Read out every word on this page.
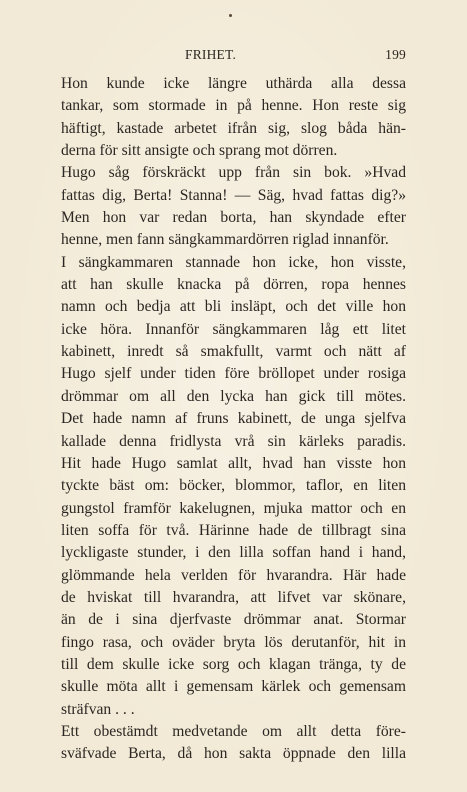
FRIHET.	199
Hon kunde icke längre uthärda alla dessa
tankar, som stormade in på henne. Hon reste sig
häftigt, kastade arbetet ifrån sig, slog båda hän-
derna för sitt ansigte och sprang mot dörren.
Hugo såg förskräckt upp från sin bok. »Hvad
fattas dig, Berta! Stanna! — Säg, hvad fattas dig?»
Men hon var redan borta, han skyndade efter
henne, men fann sängkammardörren riglad innanför.
I sängkammaren stannade hon icke, hon visste,
att han skulle knacka på dörren, ropa hennes
namn och bedja att bli insläpt, och det ville hon
icke höra. Innanför sängkammaren låg ett litet
kabinett, inredt så smakfullt, varmt och nätt af
Hugo sjelf under tiden före bröllopet under rosiga
drömmar om all den lycka han gick till mötes.
Det hade namn af fruns kabinett, de unga sjelfva
kallade denna fridlysta vrå sin kärleks paradis.
Hit hade Hugo samlat allt, hvad han visste hon
tyckte bäst om: böcker, blommor, taflor, en liten
gungstol framför kakelugnen, mjuka mattor och en
liten soffa för två. Härinne hade de tillbragt sina
lyckligaste stunder, i den lilla soffan hand i hand,
glömmande hela verlden för hvarandra. Här hade
de hviskat till hvarandra, att lifvet var skönare,
än de i sina djerfvaste drömmar anat. Stormar
fingo rasa, och oväder bryta lös derutanför, hit in
till dem skulle icke sorg och klagan tränga, ty de
skulle möta allt i gemensam kärlek och gemensam
sträfvan . . .
Ett obestämdt medvetande om allt detta före-
sväfvade Berta, då hon sakta öppnade den lilla
